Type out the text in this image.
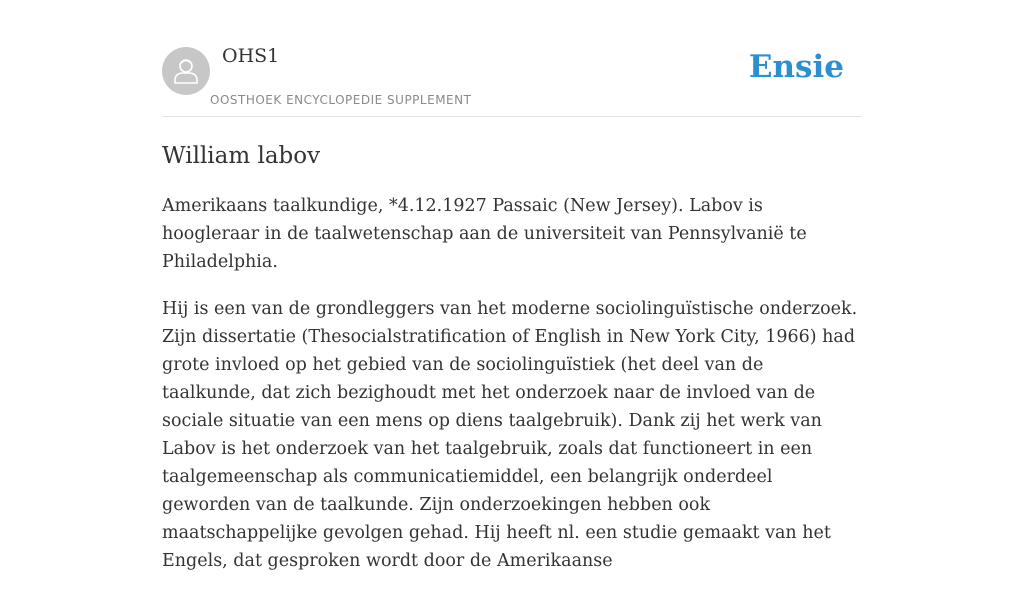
OHS1
OOSTHOEK ENCYCLOPEDIE SUPPLEMENT
Ensie
William labov

Amerikaans taalkundige, *4.12.1927 Passaic (New Jersey). Labov is hoogleraar in de taalwetenschap aan de universiteit van Pennsylvanië te Philadelphia.

Hij is een van de grondleggers van het moderne sociolinguïstische onderzoek. Zijn dissertatie (Thesocialstratification of English in New York City, 1966) had grote invloed op het gebied van de sociolinguïstiek (het deel van de taalkunde, dat zich bezighoudt met het onderzoek naar de invloed van de sociale situatie van een mens op diens taalgebruik). Dank zij het werk van Labov is het onderzoek van het taalgebruik, zoals dat functioneert in een taalgemeenschap als communicatiemiddel, een belangrijk onderdeel geworden van de taalkunde. Zijn onderzoekingen hebben ook maatschappelijke gevolgen gehad. Hij heeft nl. een studie gemaakt van het Engels, dat gesproken wordt door de Amerikaanse
